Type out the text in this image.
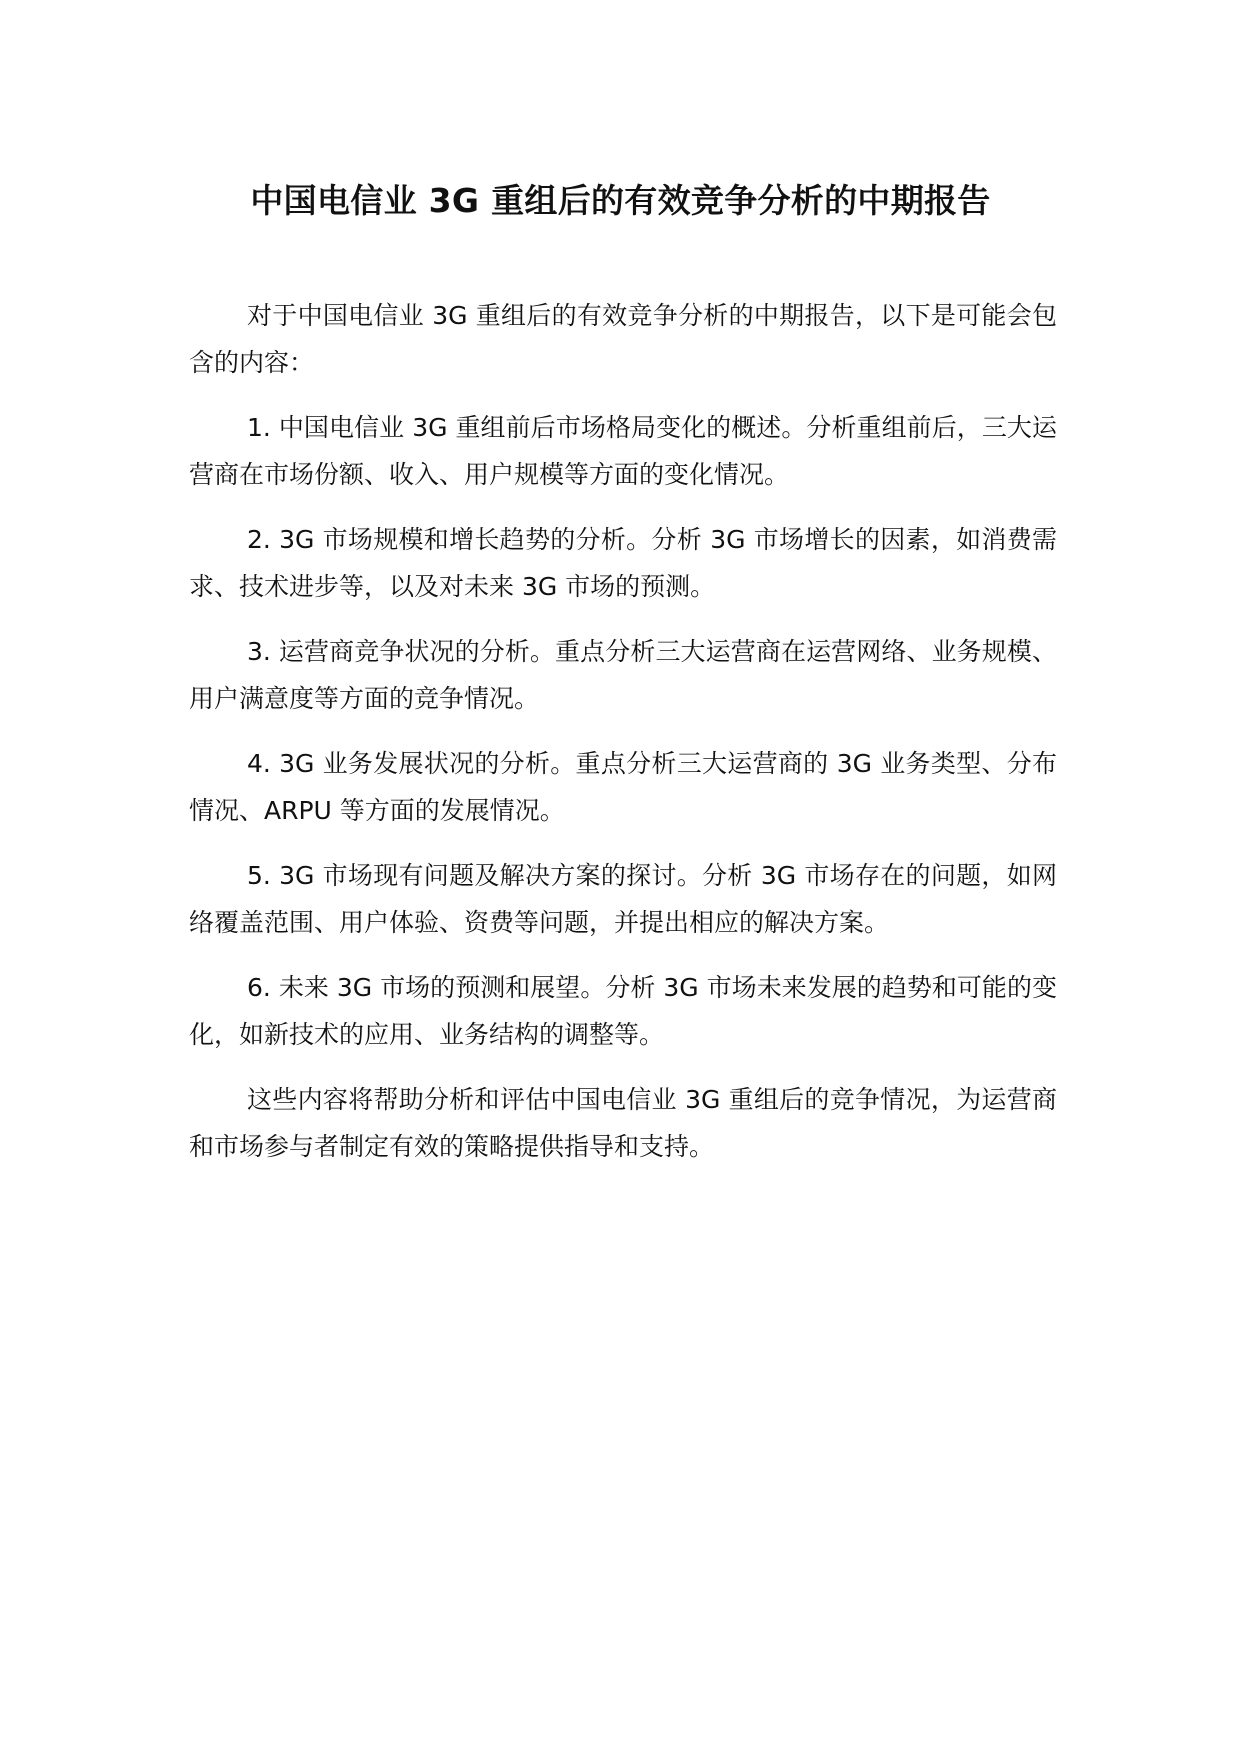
中国电信业 3G 重组后的有效竞争分析的中期报告

对于中国电信业 3G 重组后的有效竞争分析的中期报告，以下是可能会包含的内容：

1. 中国电信业 3G 重组前后市场格局变化的概述。分析重组前后，三大运营商在市场份额、收入、用户规模等方面的变化情况。

2. 3G 市场规模和增长趋势的分析。分析 3G 市场增长的因素，如消费需求、技术进步等，以及对未来 3G 市场的预测。

3. 运营商竞争状况的分析。重点分析三大运营商在运营网络、业务规模、用户满意度等方面的竞争情况。

4. 3G 业务发展状况的分析。重点分析三大运营商的 3G 业务类型、分布情况、ARPU 等方面的发展情况。

5. 3G 市场现有问题及解决方案的探讨。分析 3G 市场存在的问题，如网络覆盖范围、用户体验、资费等问题，并提出相应的解决方案。

6. 未来 3G 市场的预测和展望。分析 3G 市场未来发展的趋势和可能的变化，如新技术的应用、业务结构的调整等。

这些内容将帮助分析和评估中国电信业 3G 重组后的竞争情况，为运营商和市场参与者制定有效的策略提供指导和支持。
